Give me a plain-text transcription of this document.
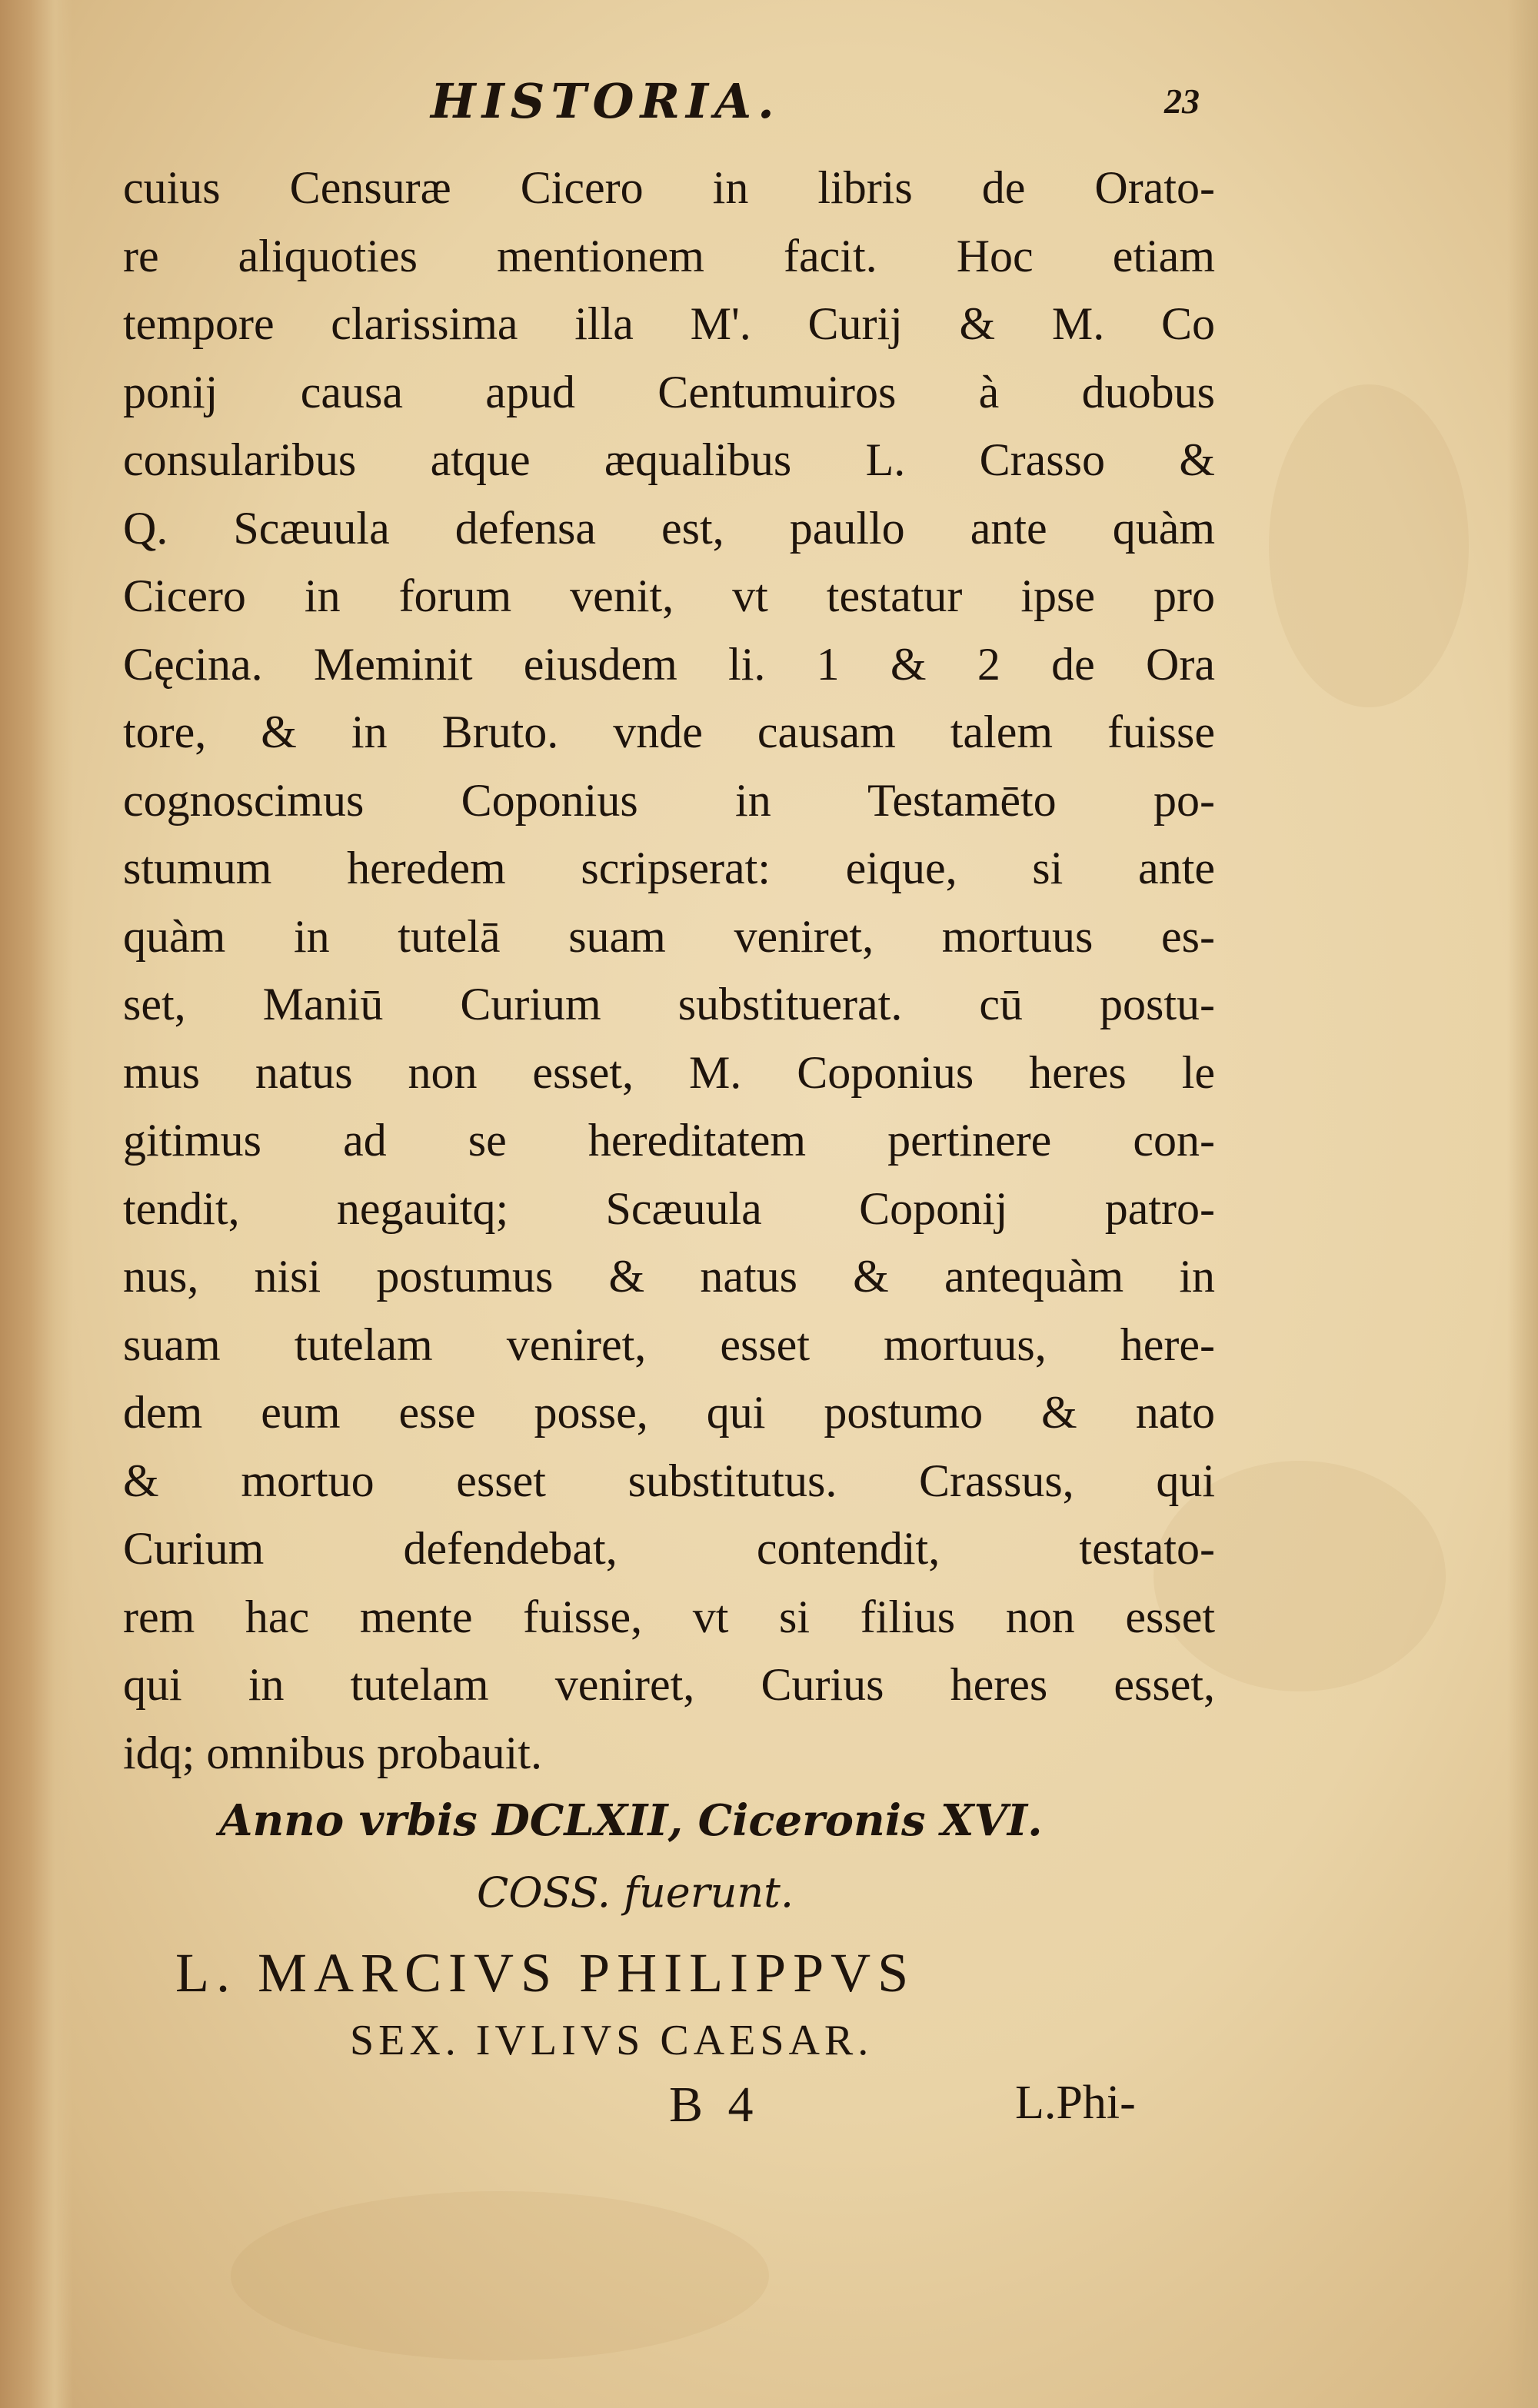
HISTORIA.	23
cuius Censuræ Cicero in libris de Orato-
re aliquoties mentionem facit. Hoc etiam
tempore clarissima illa M'. Curij & M. Co
ponij causa apud Centumuiros à duobus
consularibus atque æqualibus L. Crasso &
Q. Scæuula defensa est, paullo ante quàm
Cicero in forum venit, vt testatur ipse pro
Cęcina. Meminit eiusdem li. 1 & 2 de Ora
tore, & in Bruto. vnde causam talem fuisse
cognoscimus Coponius in Testamēto po-
stumum heredem scripserat: eique, si ante
quàm in tutelā suam veniret, mortuus es-
set, Maniū Curium substituerat. cū postu-
mus natus non esset, M. Coponius heres le
gitimus ad se hereditatem pertinere con-
tendit, negauitq; Scæuula Coponij patro-
nus, nisi postumus & natus & antequàm in
suam tutelam veniret, esset mortuus, here-
dem eum esse posse, qui postumo & nato
& mortuo esset substitutus. Crassus, qui
Curium defendebat, contendit, testato-
rem hac mente fuisse, vt si filius non esset
qui in tutelam veniret, Curius heres esset,
idq; omnibus probauit.
Anno vrbis DCLXII, Ciceronis XVI.
COSS. fuerunt.
L. MARCIVS PHILIPPVS
SEX. IVLIVS CAESAR.
B 4	L.Phi-
